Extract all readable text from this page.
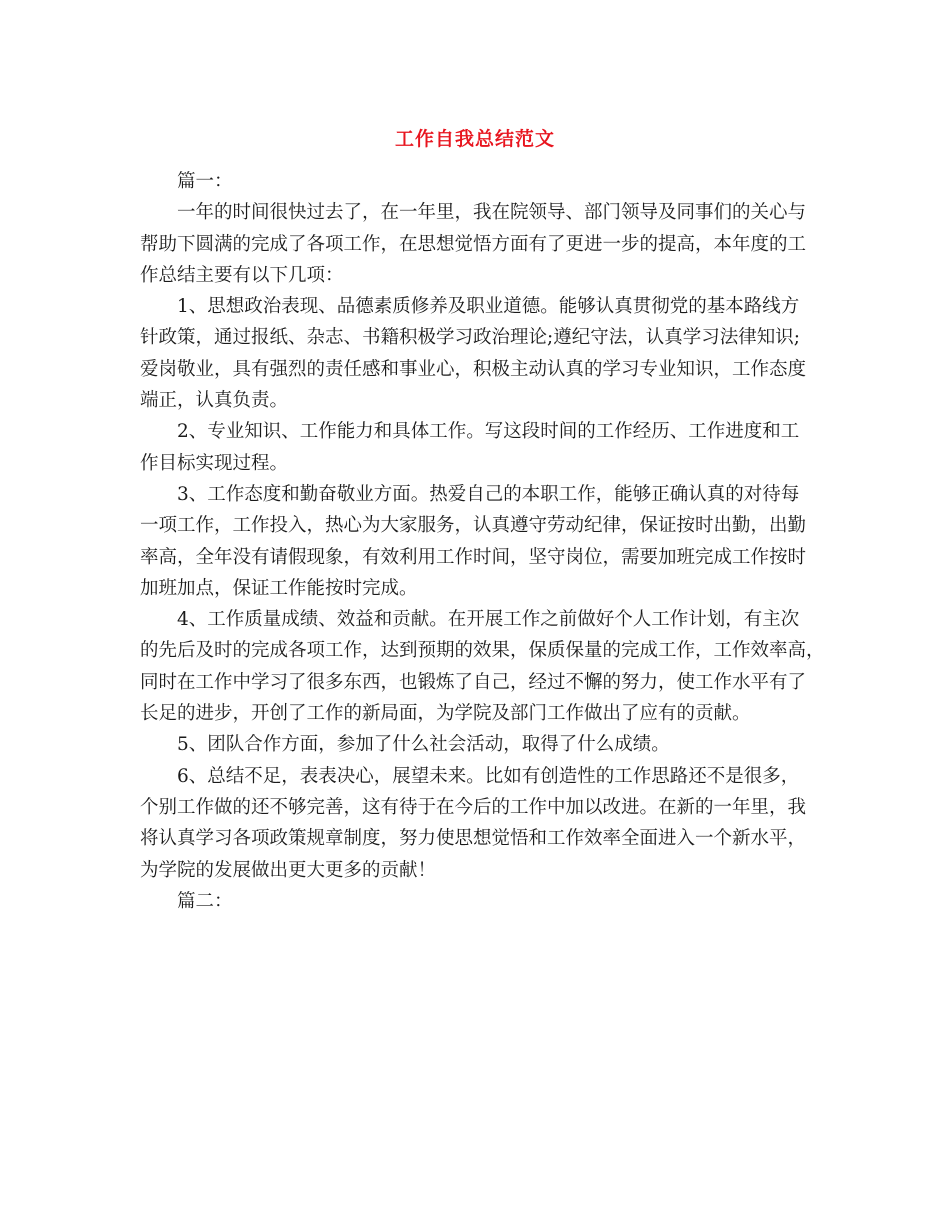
工作自我总结范文
篇一：
一年的时间很快过去了，在一年里，我在院领导、部门领导及同事们的关心与
帮助下圆满的完成了各项工作，在思想觉悟方面有了更进一步的提高，本年度的工
作总结主要有以下几项：
1、思想政治表现、品德素质修养及职业道德。能够认真贯彻党的基本路线方
针政策，通过报纸、杂志、书籍积极学习政治理论;遵纪守法，认真学习法律知识;
爱岗敬业，具有强烈的责任感和事业心，积极主动认真的学习专业知识，工作态度
端正，认真负责。
2、专业知识、工作能力和具体工作。写这段时间的工作经历、工作进度和工
作目标实现过程。
3、工作态度和勤奋敬业方面。热爱自己的本职工作，能够正确认真的对待每
一项工作，工作投入，热心为大家服务，认真遵守劳动纪律，保证按时出勤，出勤
率高，全年没有请假现象，有效利用工作时间，坚守岗位，需要加班完成工作按时
加班加点，保证工作能按时完成。
4、工作质量成绩、效益和贡献。在开展工作之前做好个人工作计划，有主次
的先后及时的完成各项工作，达到预期的效果，保质保量的完成工作，工作效率高，
同时在工作中学习了很多东西，也锻炼了自己，经过不懈的努力，使工作水平有了
长足的进步，开创了工作的新局面，为学院及部门工作做出了应有的贡献。
5、团队合作方面，参加了什么社会活动，取得了什么成绩。
6、总结不足，表表决心，展望未来。比如有创造性的工作思路还不是很多，
个别工作做的还不够完善，这有待于在今后的工作中加以改进。在新的一年里，我
将认真学习各项政策规章制度，努力使思想觉悟和工作效率全面进入一个新水平，
为学院的发展做出更大更多的贡献！
篇二：
